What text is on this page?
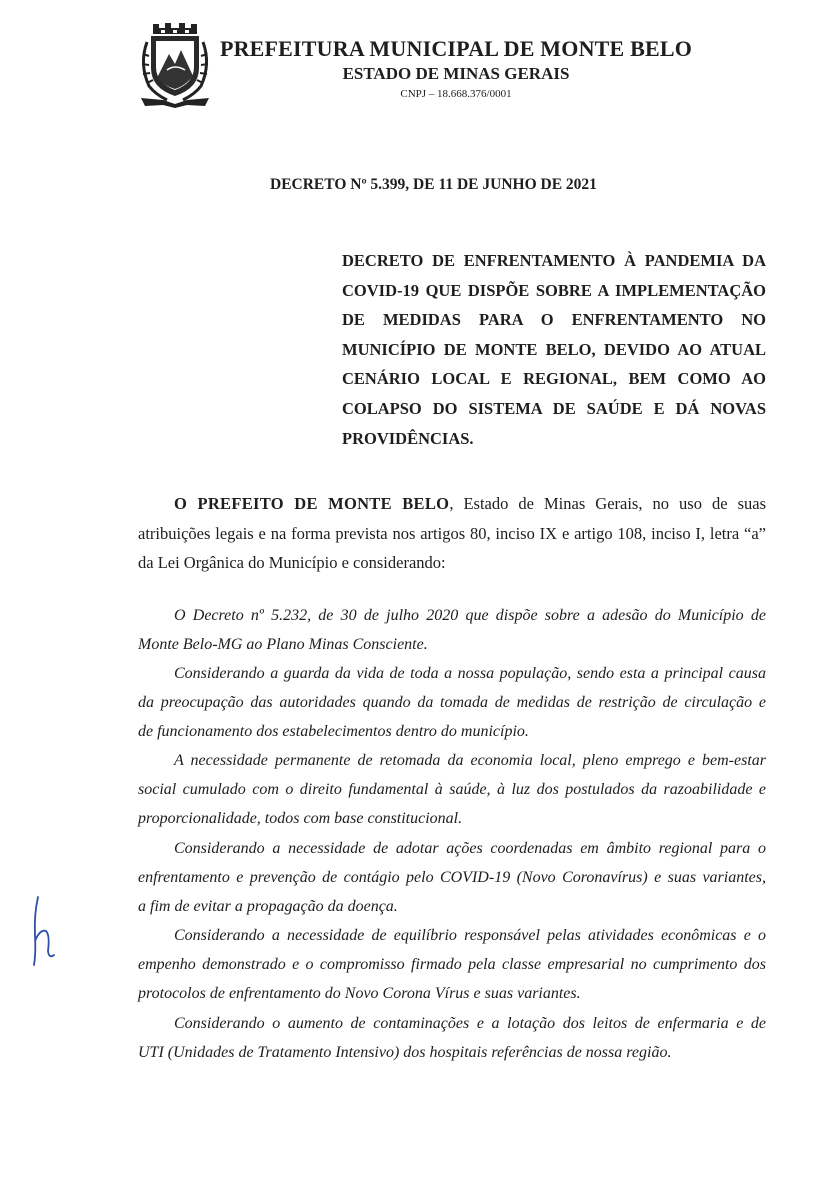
PREFEITURA MUNICIPAL DE MONTE BELO
ESTADO DE MINAS GERAIS
CNPJ – 18.668.376/0001
DECRETO Nº 5.399, DE 11 DE JUNHO DE 2021
DECRETO DE ENFRENTAMENTO À PANDEMIA DA
COVID-19 QUE DISPÕE SOBRE A IMPLEMENTAÇÃO
DE MEDIDAS PARA O ENFRENTAMENTO NO
MUNICÍPIO DE MONTE BELO, DEVIDO AO ATUAL
CENÁRIO LOCAL E REGIONAL, BEM COMO AO
COLAPSO DO SISTEMA DE SAÚDE E DÁ NOVAS
PROVIDÊNCIAS.
O PREFEITO DE MONTE BELO, Estado de Minas Gerais, no uso de suas
atribuições legais e na forma prevista nos artigos 80, inciso IX e artigo 108, inciso I, letra “a”
da Lei Orgânica do Município e considerando:
O Decreto nº 5.232, de 30 de julho 2020 que dispõe sobre a adesão do Município de
Monte Belo-MG ao Plano Minas Consciente.
Considerando a guarda da vida de toda a nossa população, sendo esta a principal causa
da preocupação das autoridades quando da tomada de medidas de restrição de circulação e
de funcionamento dos estabelecimentos dentro do município.
A necessidade permanente de retomada da economia local, pleno emprego e bem-estar
social cumulado com o direito fundamental à saúde, à luz dos postulados da razoabilidade e
proporcionalidade, todos com base constitucional.
Considerando a necessidade de adotar ações coordenadas em âmbito regional para o
enfrentamento e prevenção de contágio pelo COVID-19 (Novo Coronavírus) e suas variantes,
a fim de evitar a propagação da doença.
Considerando a necessidade de equilíbrio responsável pelas atividades econômicas e o
empenho demonstrado e o compromisso firmado pela classe empresarial no cumprimento dos
protocolos de enfrentamento do Novo Corona Vírus e suas variantes.
Considerando o aumento de contaminações e a lotação dos leitos de enfermaria e de
UTI (Unidades de Tratamento Intensivo) dos hospitais referências de nossa região.
